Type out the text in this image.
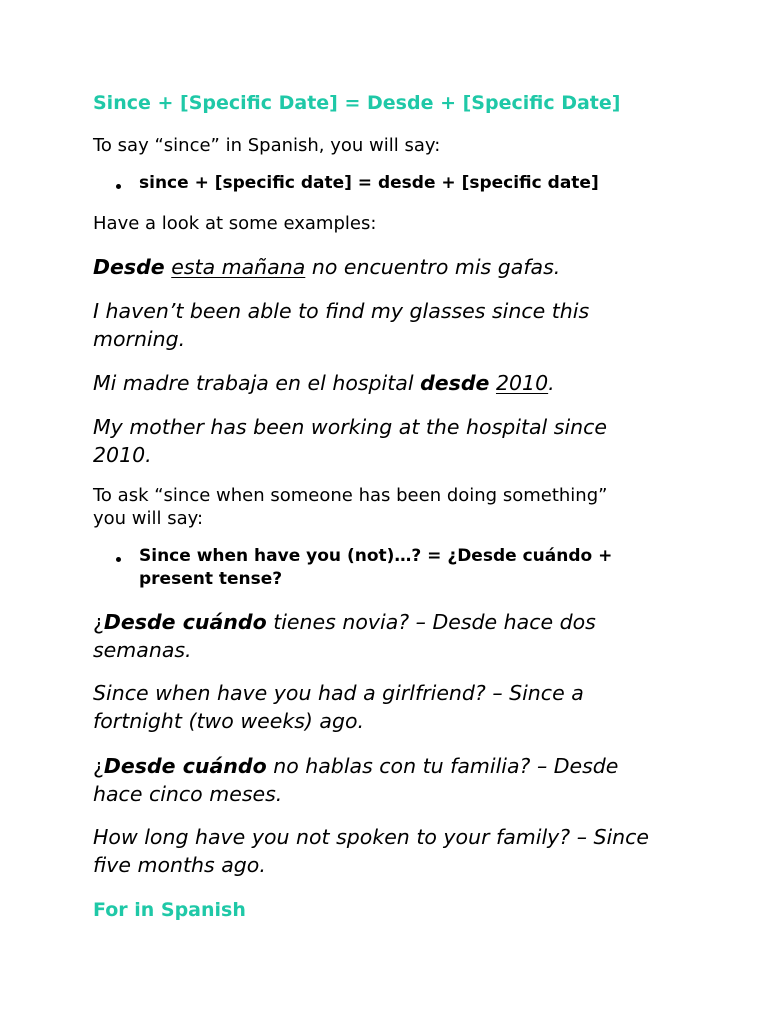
Since + [Specific Date] = Desde + [Specific Date]

To say “since” in Spanish, you will say:

since + [specific date] = desde + [specific date]

Have a look at some examples:

Desde esta mañana no encuentro mis gafas.

I haven’t been able to find my glasses since this
morning.

Mi madre trabaja en el hospital desde 2010.

My mother has been working at the hospital since
2010.

To ask “since when someone has been doing something”
you will say:

Since when have you (not)…? = ¿Desde cuándo +
present tense?

¿Desde cuándo tienes novia? – Desde hace dos
semanas.

Since when have you had a girlfriend? – Since a
fortnight (two weeks) ago.

¿Desde cuándo no hablas con tu familia? – Desde
hace cinco meses.

How long have you not spoken to your family? – Since
five months ago.

For in Spanish
